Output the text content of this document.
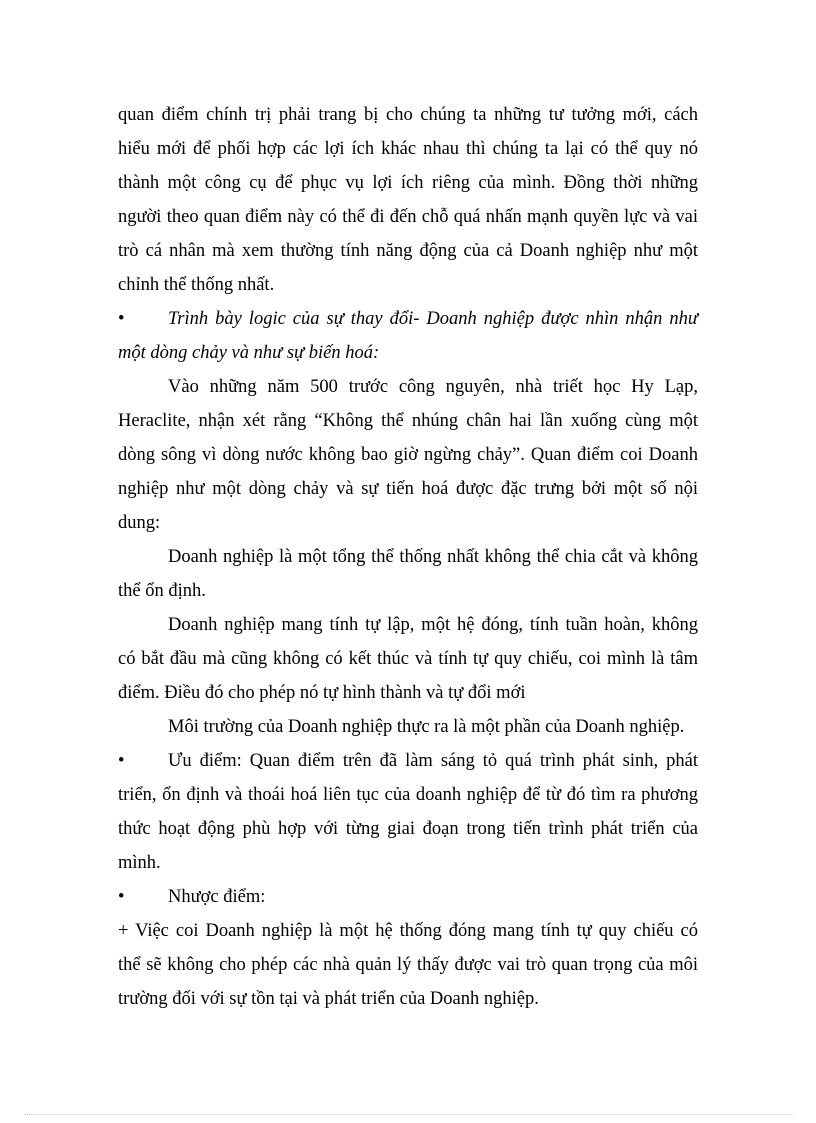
quan điểm chính trị phải trang bị cho chúng ta những tư tưởng mới, cách
hiểu mới để phối hợp các lợi ích khác nhau thì chúng ta lại có thể quy nó
thành một công cụ để phục vụ lợi ích riêng của mình. Đồng thời những
người theo quan điểm này có thể đi đến chỗ quá nhấn mạnh quyền lực và vai
trò cá nhân mà xem thường tính năng động của cả Doanh nghiệp như một
chỉnh thể thống nhất.
• Trình bày logic của sự thay đổi- Doanh nghiệp được nhìn nhận như
một dòng chảy và như sự biến hoá:
Vào những năm 500 trước công nguyên, nhà triết học Hy Lạp,
Heraclite, nhận xét rằng “Không thể nhúng chân hai lần xuống cùng một
dòng sông vì dòng nước không bao giờ ngừng chảy”. Quan điểm coi Doanh
nghiệp như một dòng chảy và sự tiến hoá được đặc trưng bởi một số nội
dung:
Doanh nghiệp là một tổng thể thống nhất không thể chia cắt và không
thể ổn định.
Doanh nghiệp mang tính tự lập, một hệ đóng, tính tuần hoàn, không
có bắt đầu mà cũng không có kết thúc và tính tự quy chiếu, coi mình là tâm
điểm. Điều đó cho phép nó tự hình thành và tự đổi mới
Môi trường của Doanh nghiệp thực ra là một phần của Doanh nghiệp.
• Ưu điểm: Quan điểm trên đã làm sáng tỏ quá trình phát sinh, phát
triển, ổn định và thoái hoá liên tục của doanh nghiệp để từ đó tìm ra phương
thức hoạt động phù hợp với từng giai đoạn trong tiến trình phát triển của
mình.
• Nhược điểm:
+ Việc coi Doanh nghiệp là một hệ thống đóng mang tính tự quy chiếu có
thể sẽ không cho phép các nhà quản lý thấy được vai trò quan trọng của môi
trường đối với sự tồn tại và phát triển của Doanh nghiệp.
